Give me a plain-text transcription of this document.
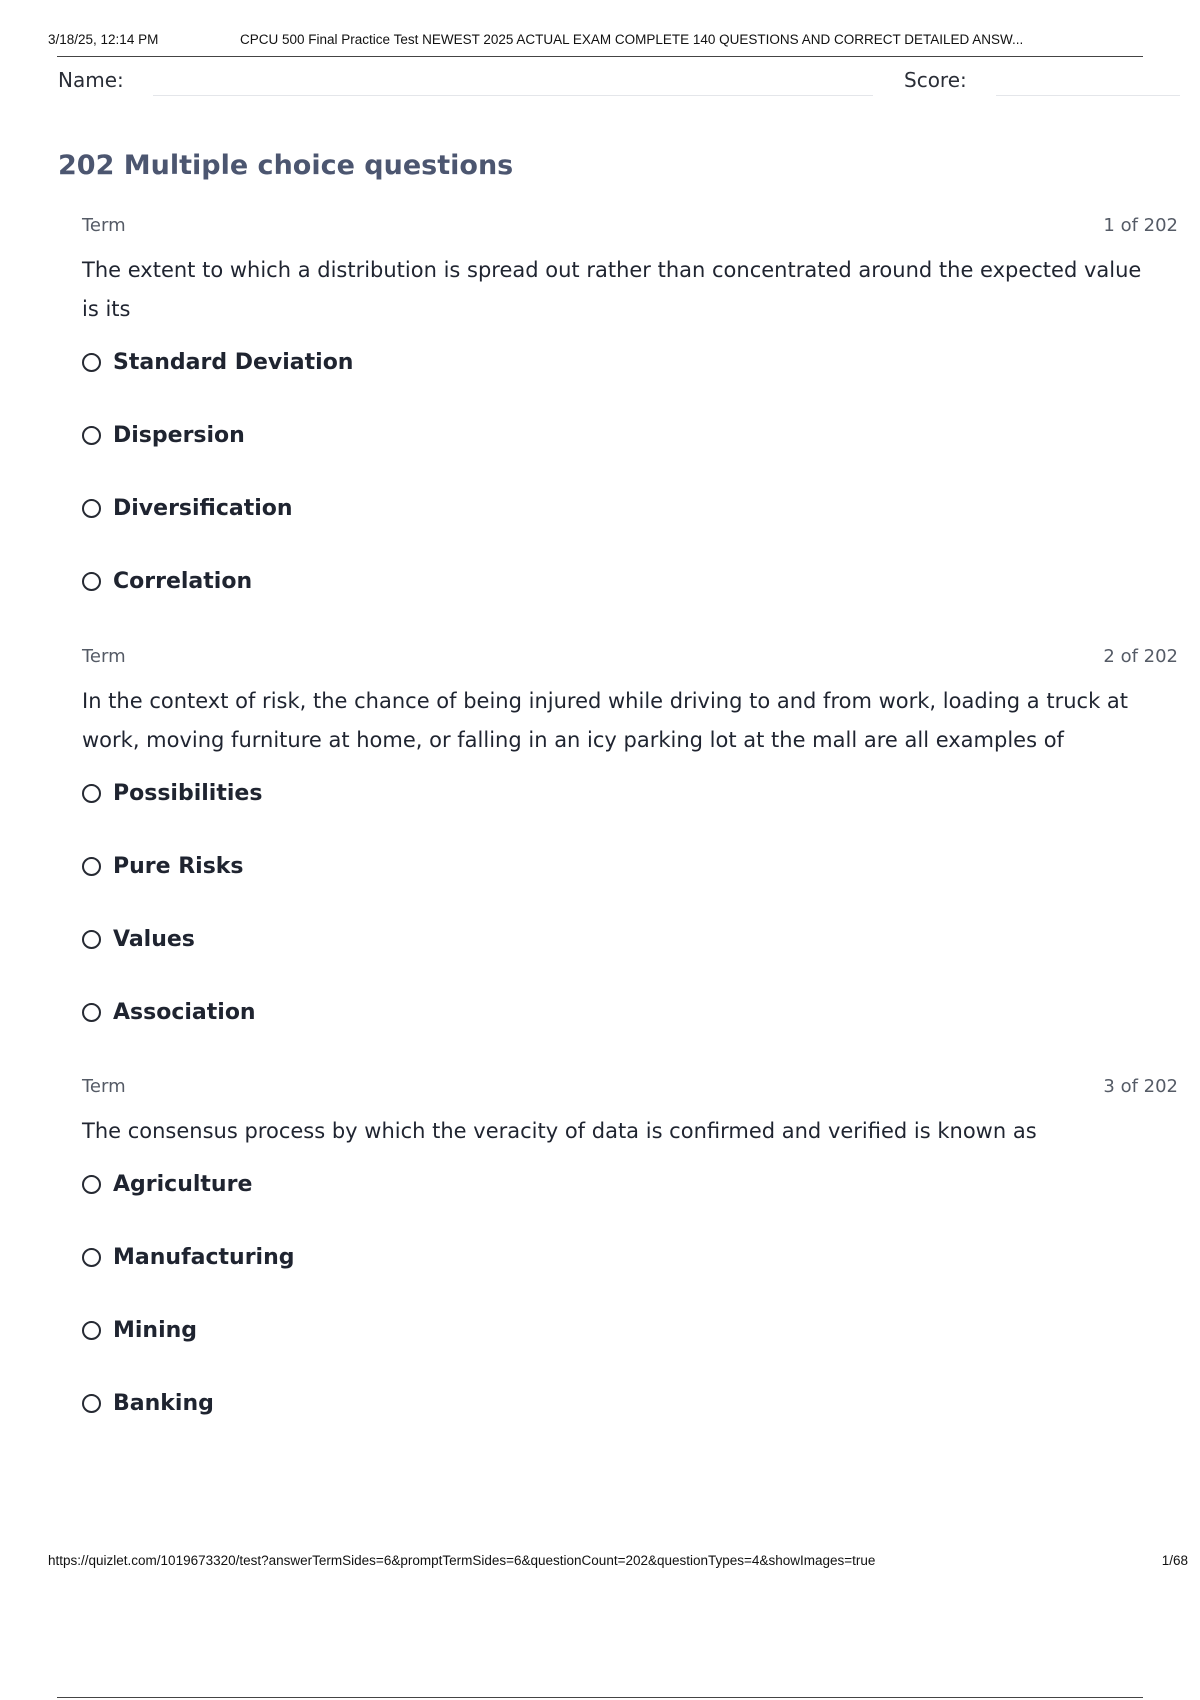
3/18/25, 12:14 PM	CPCU 500 Final Practice Test NEWEST 2025 ACTUAL EXAM COMPLETE 140 QUESTIONS AND CORRECT DETAILED ANSW...
Name:	Score:
202 Multiple choice questions
Term	1 of 202
The extent to which a distribution is spread out rather than concentrated around the expected value is its
Standard Deviation
Dispersion
Diversification
Correlation
Term	2 of 202
In the context of risk, the chance of being injured while driving to and from work, loading a truck at work, moving furniture at home, or falling in an icy parking lot at the mall are all examples of
Possibilities
Pure Risks
Values
Association
Term	3 of 202
The consensus process by which the veracity of data is confirmed and verified is known as
Agriculture
Manufacturing
Mining
Banking
https://quizlet.com/1019673320/test?answerTermSides=6&promptTermSides=6&questionCount=202&questionTypes=4&showImages=true	1/68
